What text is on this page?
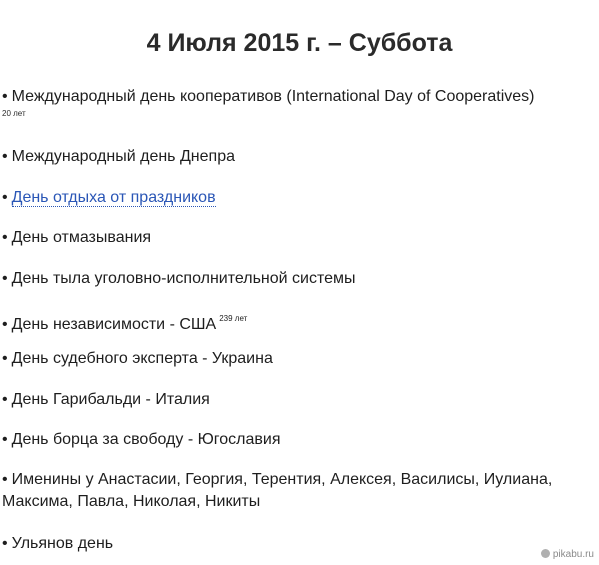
4 Июля 2015 г. – Суббота
• Международный день кооперативов (International Day of Cooperatives)
20 лет
• Международный день Днепра
• День отдыха от праздников
• День отмазывания
• День тыла уголовно-исполнительной системы
• День независимости - США $^{239 лет}$
• День судебного эксперта - Украина
• День Гарибальди - Италия
• День борца за свободу - Югославия
• Именины у Анастасии, Георгия, Терентия, Алексея, Василисы, Иулиана, Максима, Павла, Николая, Никиты
• Ульянов день
pikabu.ru
